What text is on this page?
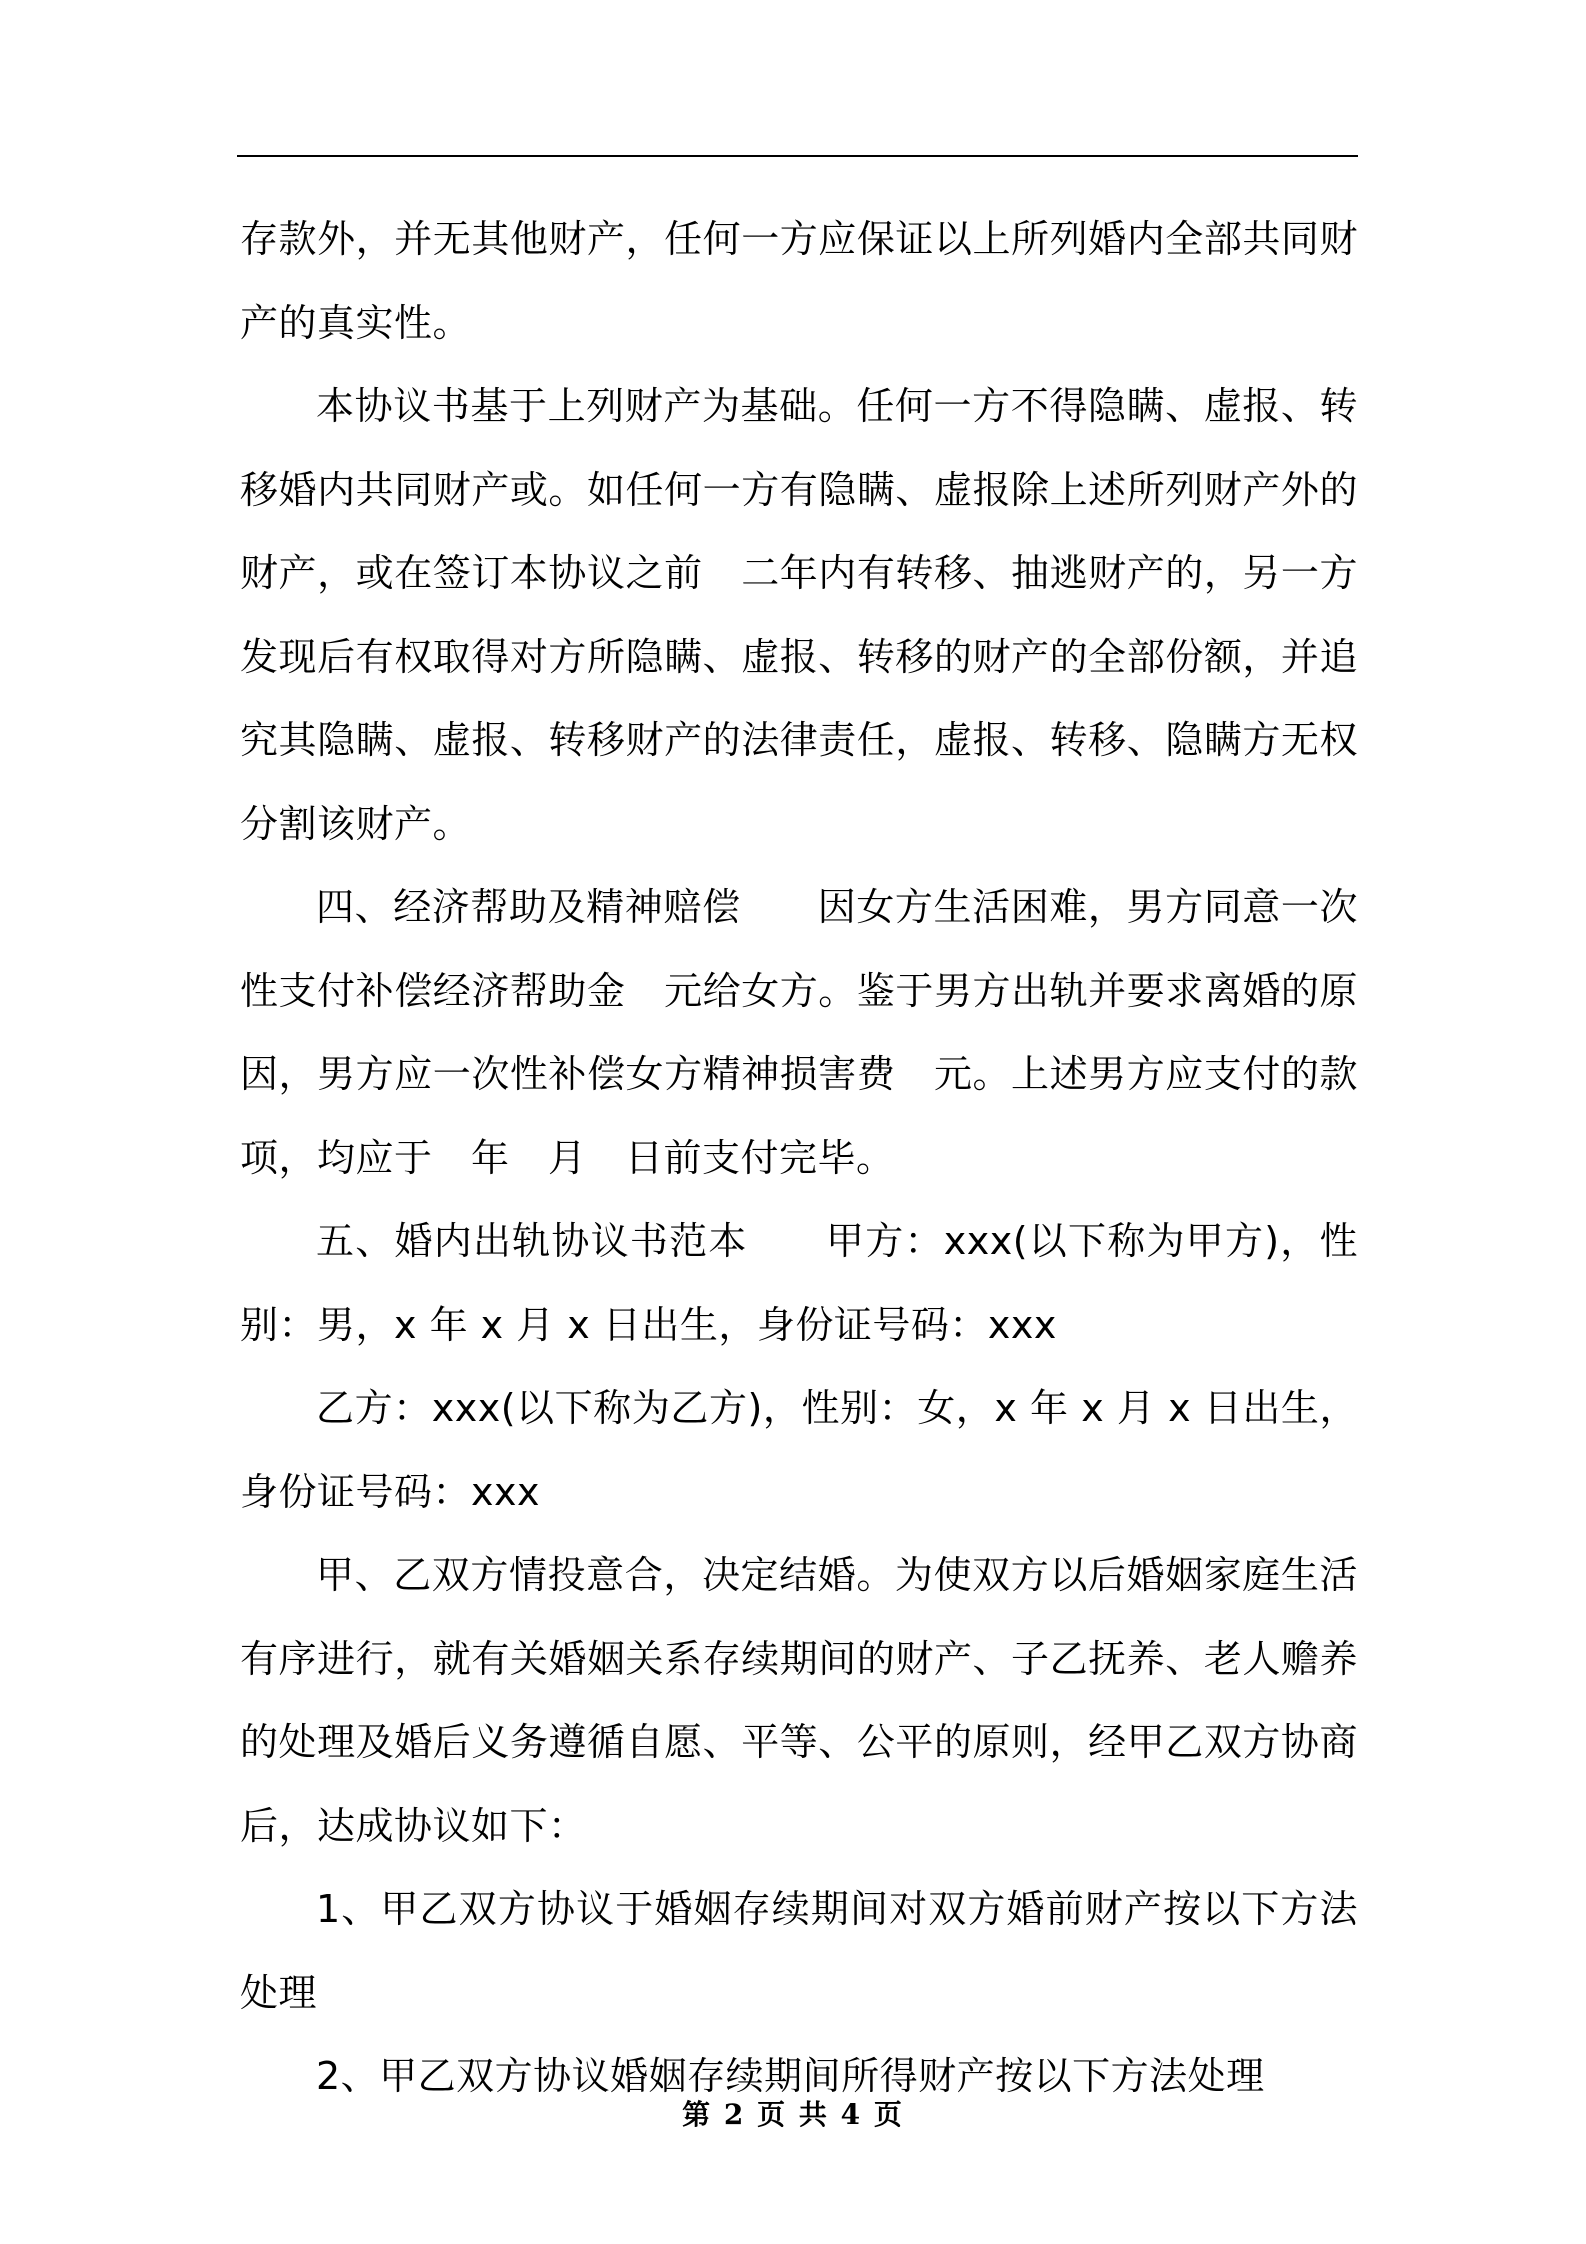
存款外，并无其他财产，任何一方应保证以上所列婚内全部共同财产的真实性。

本协议书基于上列财产为基础。任何一方不得隐瞒、虚报、转移婚内共同财产或。如任何一方有隐瞒、虚报除上述所列财产外的财产，或在签订本协议之前　二年内有转移、抽逃财产的，另一方发现后有权取得对方所隐瞒、虚报、转移的财产的全部份额，并追究其隐瞒、虚报、转移财产的法律责任，虚报、转移、隐瞒方无权分割该财产。

四、经济帮助及精神赔偿　　因女方生活困难，男方同意一次性支付补偿经济帮助金　元给女方。鉴于男方出轨并要求离婚的原因，男方应一次性补偿女方精神损害费　元。上述男方应支付的款项，均应于　年　月　日前支付完毕。

五、婚内出轨协议书范本　　甲方：xxx(以下称为甲方)，性别：男，x 年 x 月 x 日出生，身份证号码：xxx

乙方：xxx(以下称为乙方)，性别：女，x 年 x 月 x 日出生，身份证号码：xxx

甲、乙双方情投意合，决定结婚。为使双方以后婚姻家庭生活有序进行，就有关婚姻关系存续期间的财产、子乙抚养、老人赡养的处理及婚后义务遵循自愿、平等、公平的原则，经甲乙双方协商后，达成协议如下：

1、甲乙双方协议于婚姻存续期间对双方婚前财产按以下方法处理

2、甲乙双方协议婚姻存续期间所得财产按以下方法处理

第 2 页 共 4 页
